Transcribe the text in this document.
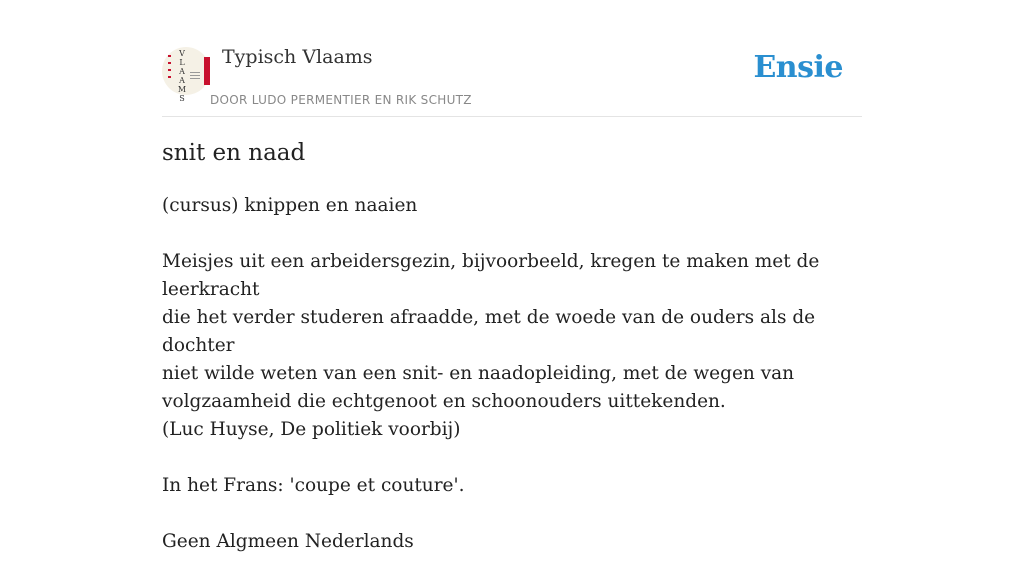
V
L
A
A
M
S
Typisch Vlaams
DOOR LUDO PERMENTIER EN RIK SCHUTZ
Ensie
snit en naad

(cursus) knippen en naaien

Meisjes uit een arbeidersgezin, bijvoorbeeld, kregen te maken met de leerkracht
die het verder studeren afraadde, met de woede van de ouders als de dochter
niet wilde weten van een snit- en naadopleiding, met de wegen van
volgzaamheid die echtgenoot en schoonouders uittekenden.
(Luc Huyse, De politiek voorbij)

In het Frans: 'coupe et couture'.

Geen Algmeen Nederlands
